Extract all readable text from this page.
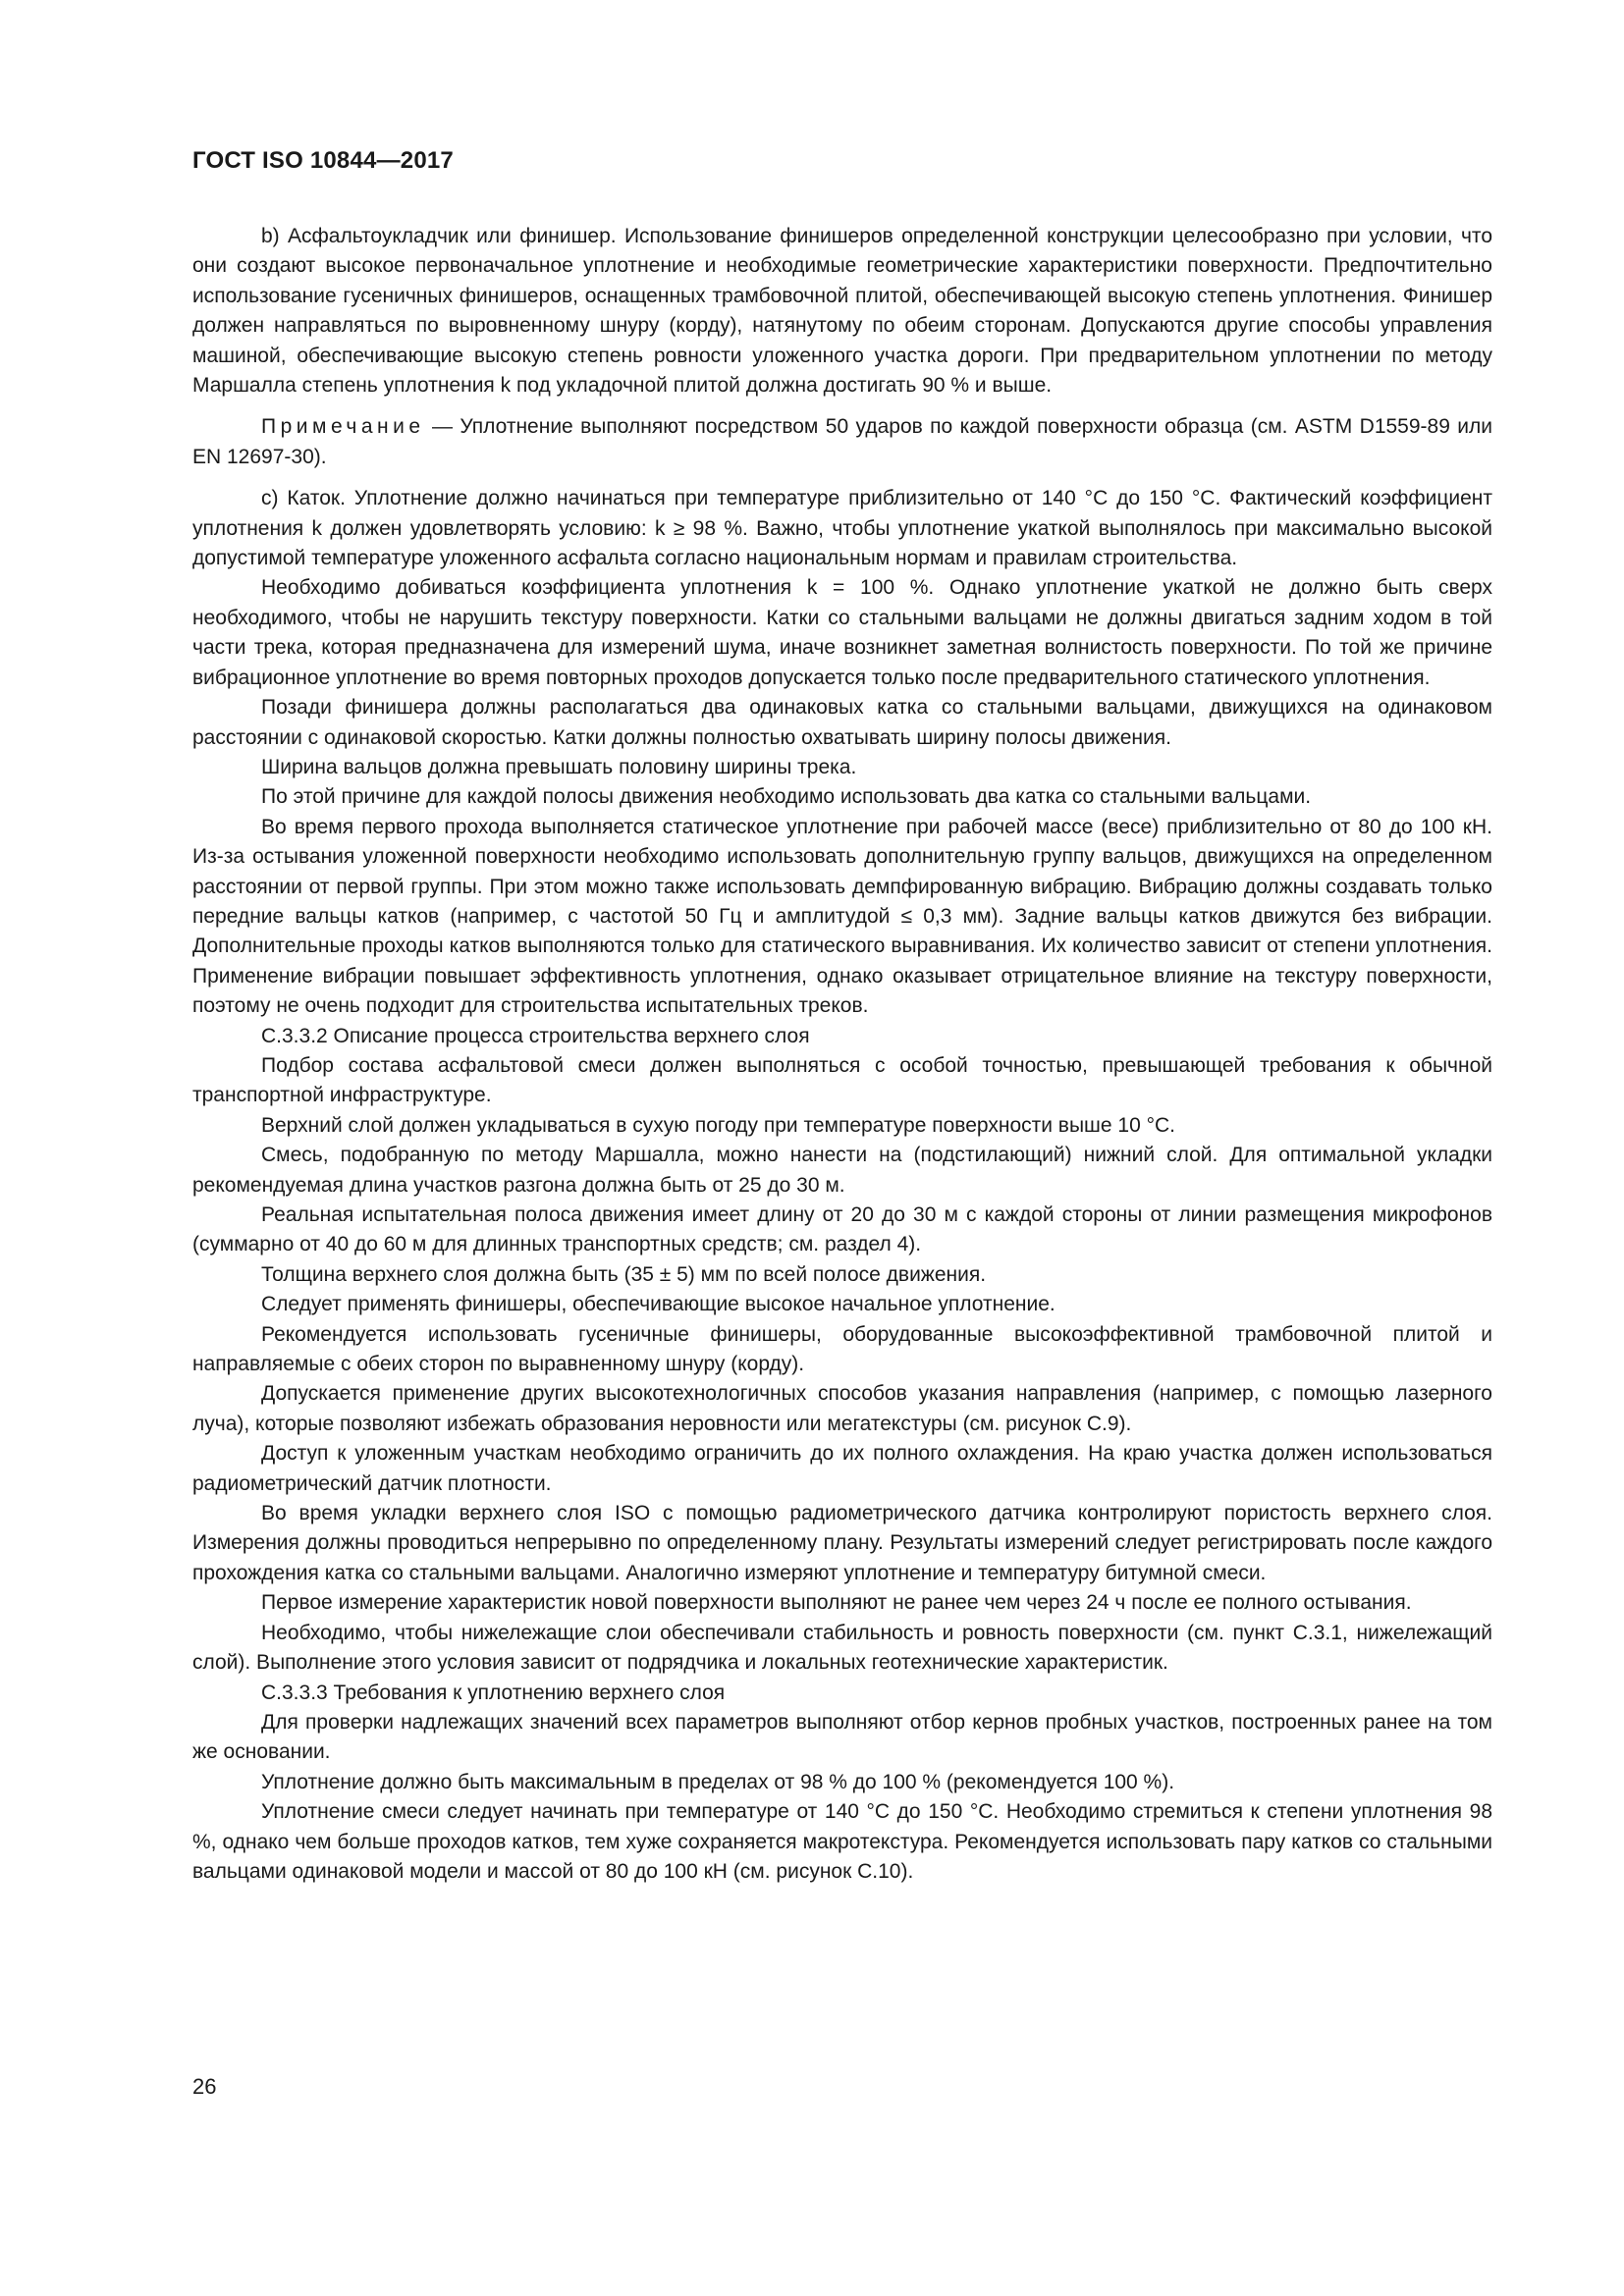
ГОСТ ISO 10844—2017

b) Асфальтоукладчик или финишер. Использование финишеров определенной конструкции целесообразно при условии, что они создают высокое первоначальное уплотнение и необходимые геометрические характеристики поверхности. Предпочтительно использование гусеничных финишеров, оснащенных трамбовочной плитой, обеспечивающей высокую степень уплотнения. Финишер должен направляться по выровненному шнуру (корду), натянутому по обеим сторонам. Допускаются другие способы управления машиной, обеспечивающие высокую степень ровности уложенного участка дороги. При предварительном уплотнении по методу Маршалла степень уплотнения k под укладочной плитой должна достигать 90 % и выше.

Примечание — Уплотнение выполняют посредством 50 ударов по каждой поверхности образца (см. ASTM D1559-89 или EN 12697-30).

c) Каток. Уплотнение должно начинаться при температуре приблизительно от 140 °C до 150 °C. Фактический коэффициент уплотнения k должен удовлетворять условию: k ≥ 98 %. Важно, чтобы уплотнение укаткой выполнялось при максимально высокой допустимой температуре уложенного асфальта согласно национальным нормам и правилам строительства.

Необходимо добиваться коэффициента уплотнения k = 100 %. Однако уплотнение укаткой не должно быть сверх необходимого, чтобы не нарушить текстуру поверхности. Катки со стальными вальцами не должны двигаться задним ходом в той части трека, которая предназначена для измерений шума, иначе возникнет заметная волнистость поверхности. По той же причине вибрационное уплотнение во время повторных проходов допускается только после предварительного статического уплотнения.

Позади финишера должны располагаться два одинаковых катка со стальными вальцами, движущихся на одинаковом расстоянии с одинаковой скоростью. Катки должны полностью охватывать ширину полосы движения.

Ширина вальцов должна превышать половину ширины трека.

По этой причине для каждой полосы движения необходимо использовать два катка со стальными вальцами.

Во время первого прохода выполняется статическое уплотнение при рабочей массе (весе) приблизительно от 80 до 100 кН. Из-за остывания уложенной поверхности необходимо использовать дополнительную группу вальцов, движущихся на определенном расстоянии от первой группы. При этом можно также использовать демпфированную вибрацию. Вибрацию должны создавать только передние вальцы катков (например, с частотой 50 Гц и амплитудой ≤ 0,3 мм). Задние вальцы катков движутся без вибрации. Дополнительные проходы катков выполняются только для статического выравнивания. Их количество зависит от степени уплотнения. Применение вибрации повышает эффективность уплотнения, однако оказывает отрицательное влияние на текстуру поверхности, поэтому не очень подходит для строительства испытательных треков.

С.3.3.2 Описание процесса строительства верхнего слоя

Подбор состава асфальтовой смеси должен выполняться с особой точностью, превышающей требования к обычной транспортной инфраструктуре.

Верхний слой должен укладываться в сухую погоду при температуре поверхности выше 10 °C.

Смесь, подобранную по методу Маршалла, можно нанести на (подстилающий) нижний слой. Для оптимальной укладки рекомендуемая длина участков разгона должна быть от 25 до 30 м.

Реальная испытательная полоса движения имеет длину от 20 до 30 м с каждой стороны от линии размещения микрофонов (суммарно от 40 до 60 м для длинных транспортных средств; см. раздел 4).

Толщина верхнего слоя должна быть (35 ± 5) мм по всей полосе движения.

Следует применять финишеры, обеспечивающие высокое начальное уплотнение.

Рекомендуется использовать гусеничные финишеры, оборудованные высокоэффективной трамбовочной плитой и направляемые с обеих сторон по выравненному шнуру (корду).

Допускается применение других высокотехнологичных способов указания направления (например, с помощью лазерного луча), которые позволяют избежать образования неровности или мегатекстуры (см. рисунок С.9).

Доступ к уложенным участкам необходимо ограничить до их полного охлаждения. На краю участка должен использоваться радиометрический датчик плотности.

Во время укладки верхнего слоя ISO с помощью радиометрического датчика контролируют пористость верхнего слоя. Измерения должны проводиться непрерывно по определенному плану. Результаты измерений следует регистрировать после каждого прохождения катка со стальными вальцами. Аналогично измеряют уплотнение и температуру битумной смеси.

Первое измерение характеристик новой поверхности выполняют не ранее чем через 24 ч после ее полного остывания.

Необходимо, чтобы нижележащие слои обеспечивали стабильность и ровность поверхности (см. пункт С.3.1, нижележащий слой). Выполнение этого условия зависит от подрядчика и локальных геотехнические характеристик.

С.3.3.3 Требования к уплотнению верхнего слоя

Для проверки надлежащих значений всех параметров выполняют отбор кернов пробных участков, построенных ранее на том же основании.

Уплотнение должно быть максимальным в пределах от 98 % до 100 % (рекомендуется 100 %).

Уплотнение смеси следует начинать при температуре от 140 °C до 150 °C. Необходимо стремиться к степени уплотнения 98 %, однако чем больше проходов катков, тем хуже сохраняется макротекстура. Рекомендуется использовать пару катков со стальными вальцами одинаковой модели и массой от 80 до 100 кН (см. рисунок С.10).

26
